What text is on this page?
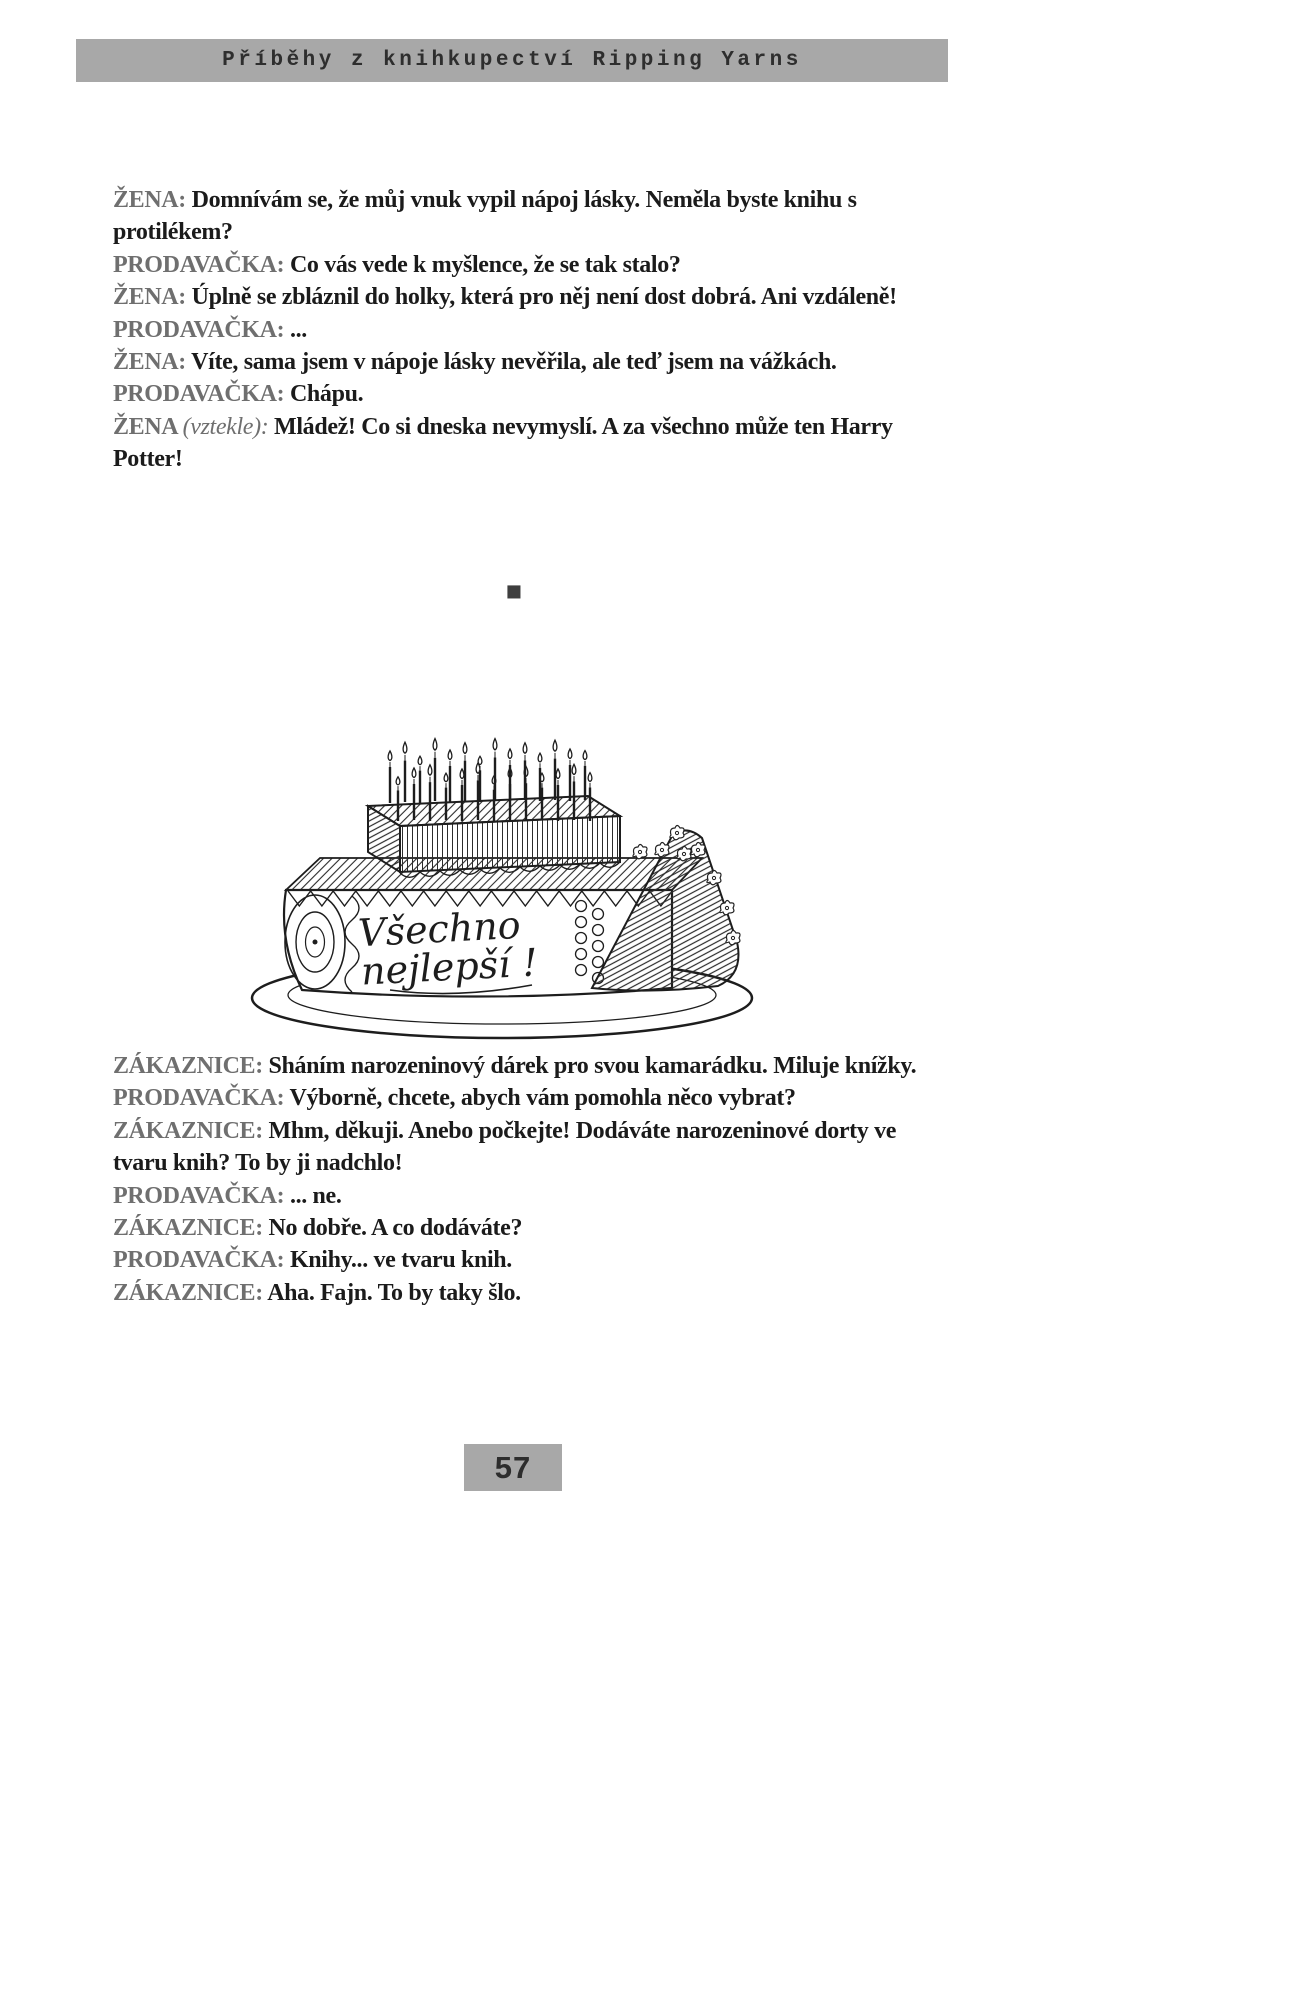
Příběhy z knihkupectví Ripping Yarns

ŽENA: Domnívám se, že můj vnuk vypil nápoj lásky. Neměla byste knihu s protilékem?

PRODAVAČKA: Co vás vede k myšlence, že se tak stalo?

ŽENA: Úplně se zbláznil do holky, která pro něj není dost dobrá. Ani vzdáleně!

PRODAVAČKA: ...

ŽENA: Víte, sama jsem v nápoje lásky nevěřila, ale teď jsem na vážkách.

PRODAVAČKA: Chápu.

ŽENA (vztekle): Mládež! Co si dneska nevymyslí. A za všechno může ten Harry Potter!

■
Všechno
nejlepší !

ZÁKAZNICE: Sháním narozeninový dárek pro svou kamarádku. Miluje knížky.

PRODAVAČKA: Výborně, chcete, abych vám pomohla něco vybrat?

ZÁKAZNICE: Mhm, děkuji. Anebo počkejte! Dodáváte narozeninové dorty ve tvaru knih? To by ji nadchlo!

PRODAVAČKA: ... ne.

ZÁKAZNICE: No dobře. A co dodáváte?

PRODAVAČKA: Knihy... ve tvaru knih.

ZÁKAZNICE: Aha. Fajn. To by taky šlo.

57
